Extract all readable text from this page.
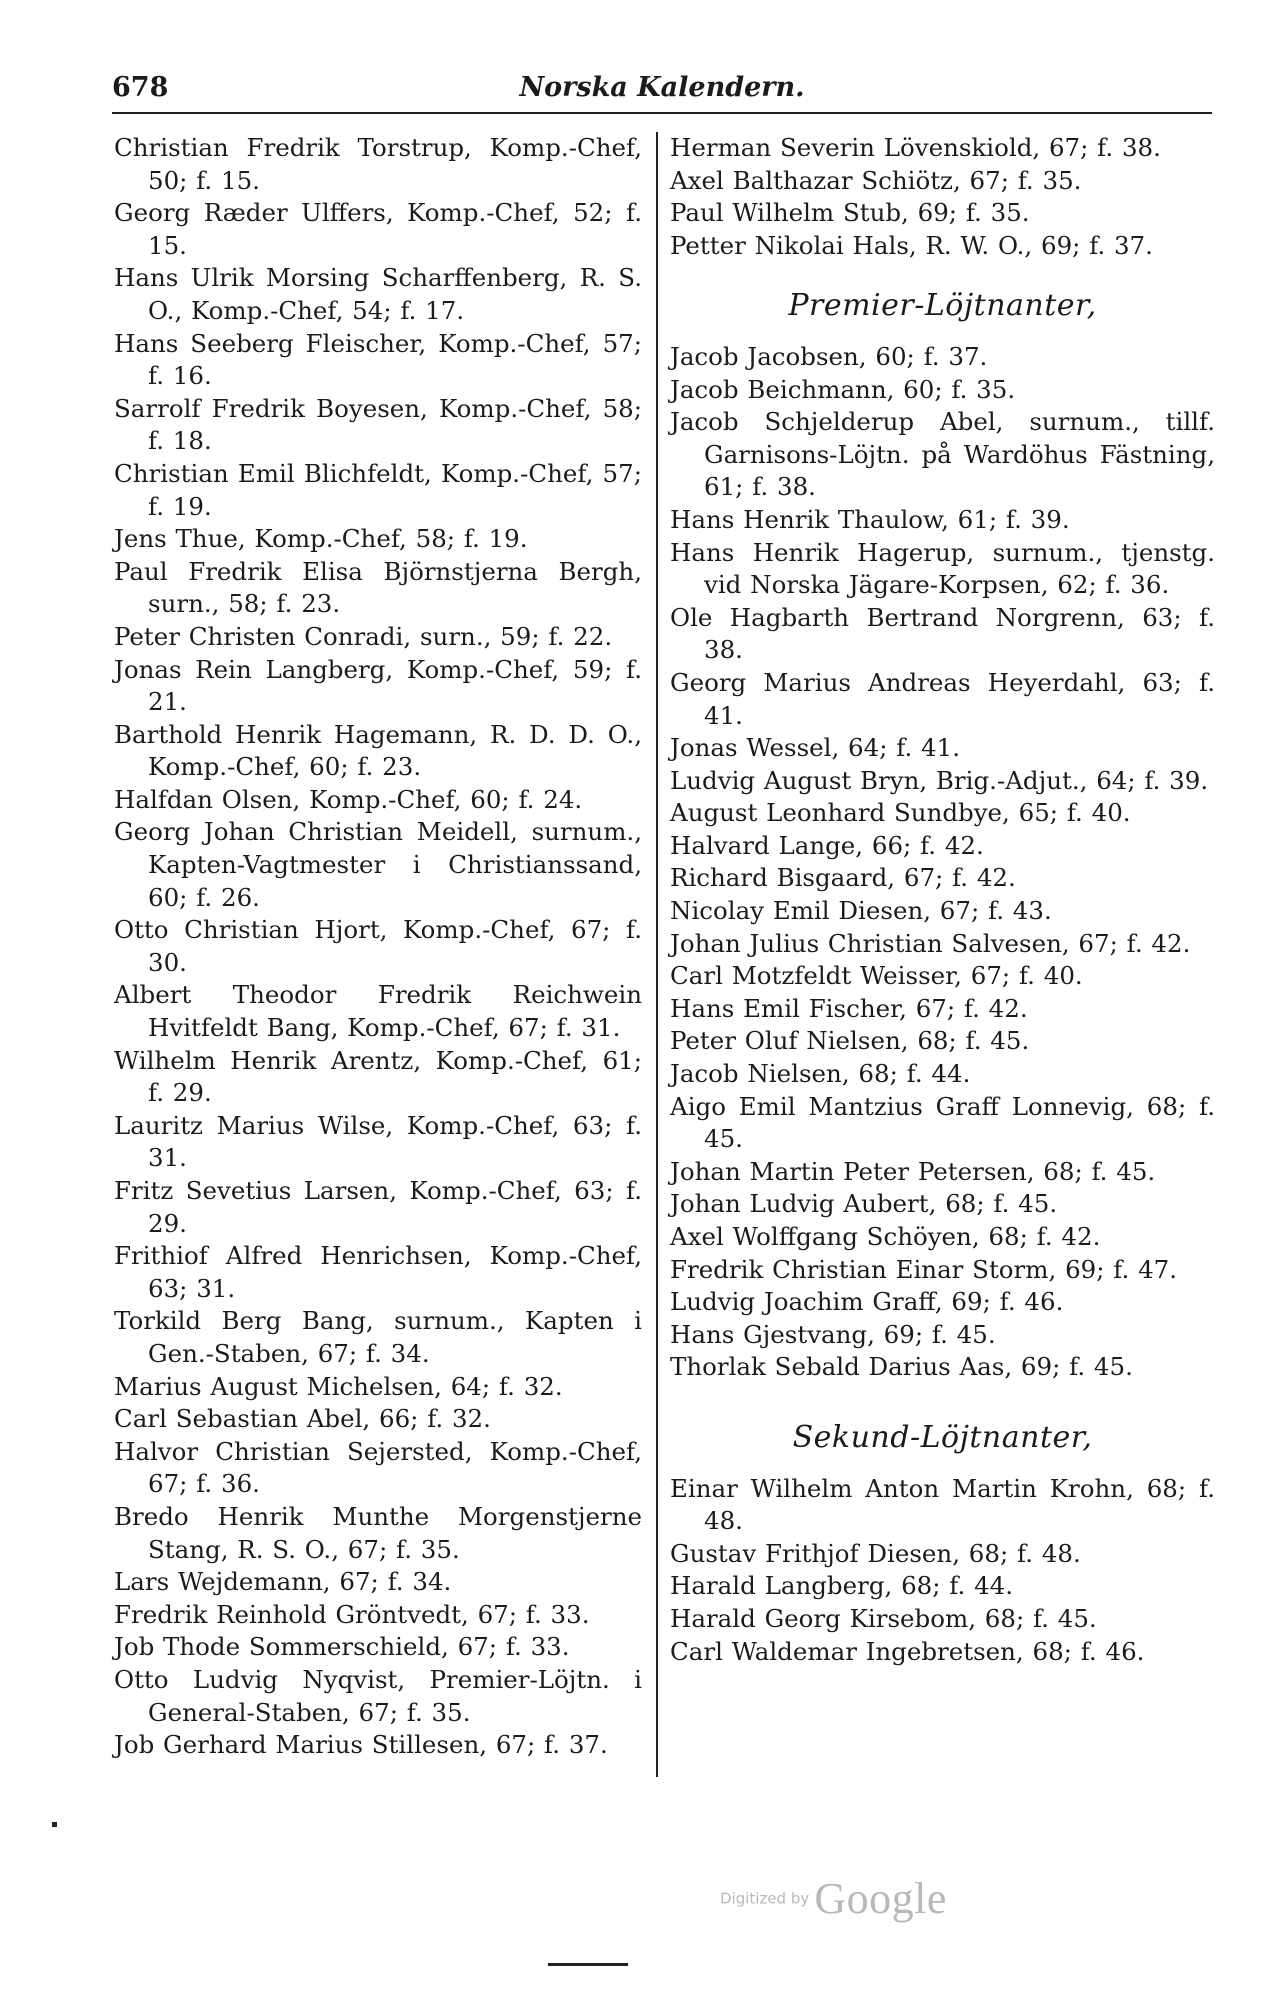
678	Norska Kalendern.
Christian Fredrik Torstrup, Komp.-Chef, 50; f. 15.
Georg Ræder Ulffers, Komp.-Chef, 52; f. 15.
Hans Ulrik Morsing Scharffenberg, R. S. O., Komp.-Chef, 54; f. 17.
Hans Seeberg Fleischer, Komp.-Chef, 57; f. 16.
Sarrolf Fredrik Boyesen, Komp.-Chef, 58; f. 18.
Christian Emil Blichfeldt, Komp.-Chef, 57; f. 19.
Jens Thue, Komp.-Chef, 58; f. 19.
Paul Fredrik Elisa Björnstjerna Bergh, surn., 58; f. 23.
Peter Christen Conradi, surn., 59; f. 22.
Jonas Rein Langberg, Komp.-Chef, 59; f. 21.
Barthold Henrik Hagemann, R. D. D. O., Komp.-Chef, 60; f. 23.
Halfdan Olsen, Komp.-Chef, 60; f. 24.
Georg Johan Christian Meidell, surnum., Kapten-Vagtmester i Christianssand, 60; f. 26.
Otto Christian Hjort, Komp.-Chef, 67; f. 30.
Albert Theodor Fredrik Reichwein Hvitfeldt Bang, Komp.-Chef, 67; f. 31.
Wilhelm Henrik Arentz, Komp.-Chef, 61; f. 29.
Lauritz Marius Wilse, Komp.-Chef, 63; f. 31.
Fritz Sevetius Larsen, Komp.-Chef, 63; f. 29.
Frithiof Alfred Henrichsen, Komp.-Chef, 63; 31.
Torkild Berg Bang, surnum., Kapten i Gen.-Staben, 67; f. 34.
Marius August Michelsen, 64; f. 32.
Carl Sebastian Abel, 66; f. 32.
Halvor Christian Sejersted, Komp.-Chef, 67; f. 36.
Bredo Henrik Munthe Morgenstjerne Stang, R. S. O., 67; f. 35.
Lars Wejdemann, 67; f. 34.
Fredrik Reinhold Gröntvedt, 67; f. 33.
Job Thode Sommerschield, 67; f. 33.
Otto Ludvig Nyqvist, Premier-Löjtn. i General-Staben, 67; f. 35.
Job Gerhard Marius Stillesen, 67; f. 37.
Herman Severin Lövenskiold, 67; f. 38.
Axel Balthazar Schiötz, 67; f. 35.
Paul Wilhelm Stub, 69; f. 35.
Petter Nikolai Hals, R. W. O., 69; f. 37.
Premier-Löjtnanter,
Jacob Jacobsen, 60; f. 37.
Jacob Beichmann, 60; f. 35.
Jacob Schjelderup Abel, surnum., tillf. Garnisons-Löjtn. på Wardöhus Fästning, 61; f. 38.
Hans Henrik Thaulow, 61; f. 39.
Hans Henrik Hagerup, surnum., tjenstg. vid Norska Jägare-Korpsen, 62; f. 36.
Ole Hagbarth Bertrand Norgrenn, 63; f. 38.
Georg Marius Andreas Heyerdahl, 63; f. 41.
Jonas Wessel, 64; f. 41.
Ludvig August Bryn, Brig.-Adjut., 64; f. 39.
August Leonhard Sundbye, 65; f. 40.
Halvard Lange, 66; f. 42.
Richard Bisgaard, 67; f. 42.
Nicolay Emil Diesen, 67; f. 43.
Johan Julius Christian Salvesen, 67; f. 42.
Carl Motzfeldt Weisser, 67; f. 40.
Hans Emil Fischer, 67; f. 42.
Peter Oluf Nielsen, 68; f. 45.
Jacob Nielsen, 68; f. 44.
Aigo Emil Mantzius Graff Lonnevig, 68; f. 45.
Johan Martin Peter Petersen, 68; f. 45.
Johan Ludvig Aubert, 68; f. 45.
Axel Wolffgang Schöyen, 68; f. 42.
Fredrik Christian Einar Storm, 69; f. 47.
Ludvig Joachim Graff, 69; f. 46.
Hans Gjestvang, 69; f. 45.
Thorlak Sebald Darius Aas, 69; f. 45.
Sekund-Löjtnanter,
Einar Wilhelm Anton Martin Krohn, 68; f. 48.
Gustav Frithjof Diesen, 68; f. 48.
Harald Langberg, 68; f. 44.
Harald Georg Kirsebom, 68; f. 45.
Carl Waldemar Ingebretsen, 68; f. 46.
Digitized by Google
